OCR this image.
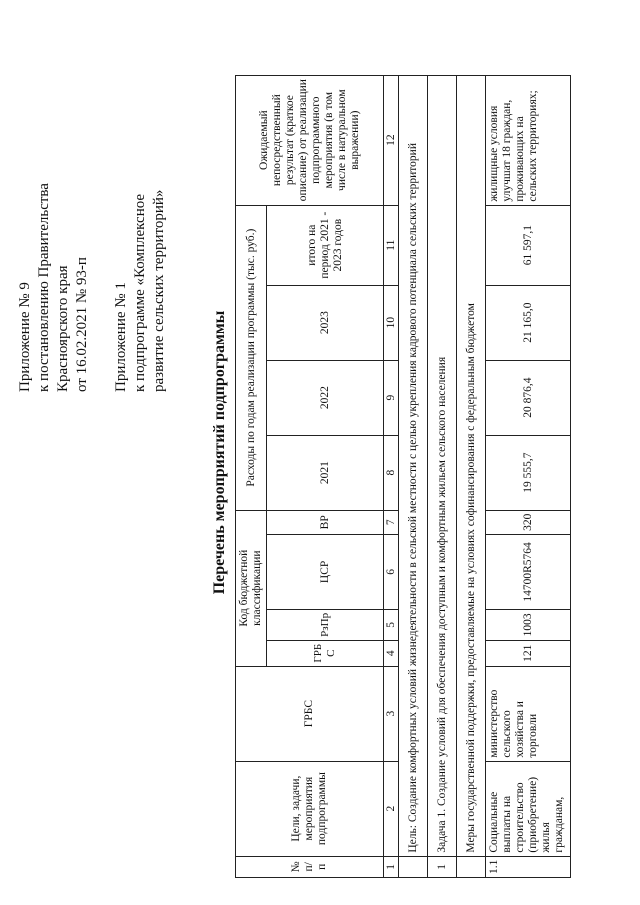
Приложение № 9 к постановлению Правительства Красноярского края от 16.02.2021 № 93-п Приложение № 1 к подпрограмме «Комплексное развитие сельских территорий»
Перечень мероприятий подпрограммы
№ п/п	Цели, задачи, мероприятия подпрограммы	ГРБС	Код бюджетной классификации				Расходы по годам реализации программы (тыс. руб.)				Ожидаемый непосредственный результат (краткое описание) от реализации подпрограммного мероприятия (в том числе в натуральном выражении)
			ГРБ С	РзПр	ЦСР	ВР	2021	2022	2023	итого на период 2021 - 2023 годов	
1	2	3	4	5	6	7	8	9	10	11	12
	Цель: Создание комфортных условий жизнедеятельности в сельской местности с целью укрепления кадрового потенциала сельских территорий										
1	Задача 1. Создание условий для обеспечения доступным и комфортным жильем сельского населения										
	Меры государственной поддержки, предоставляемые на условиях софинансирования с федеральным бюджетом										
1.1	Социальные выплаты на строительство (приобретение) жилья гражданам,	министерство сельского хозяйства и торговли	121	1003	14700R5764	320	19 555,7	20 876,4	21 165,0	61 597,1	жилищные условия улучшат 18 граждан, проживающих на сельских территориях;
